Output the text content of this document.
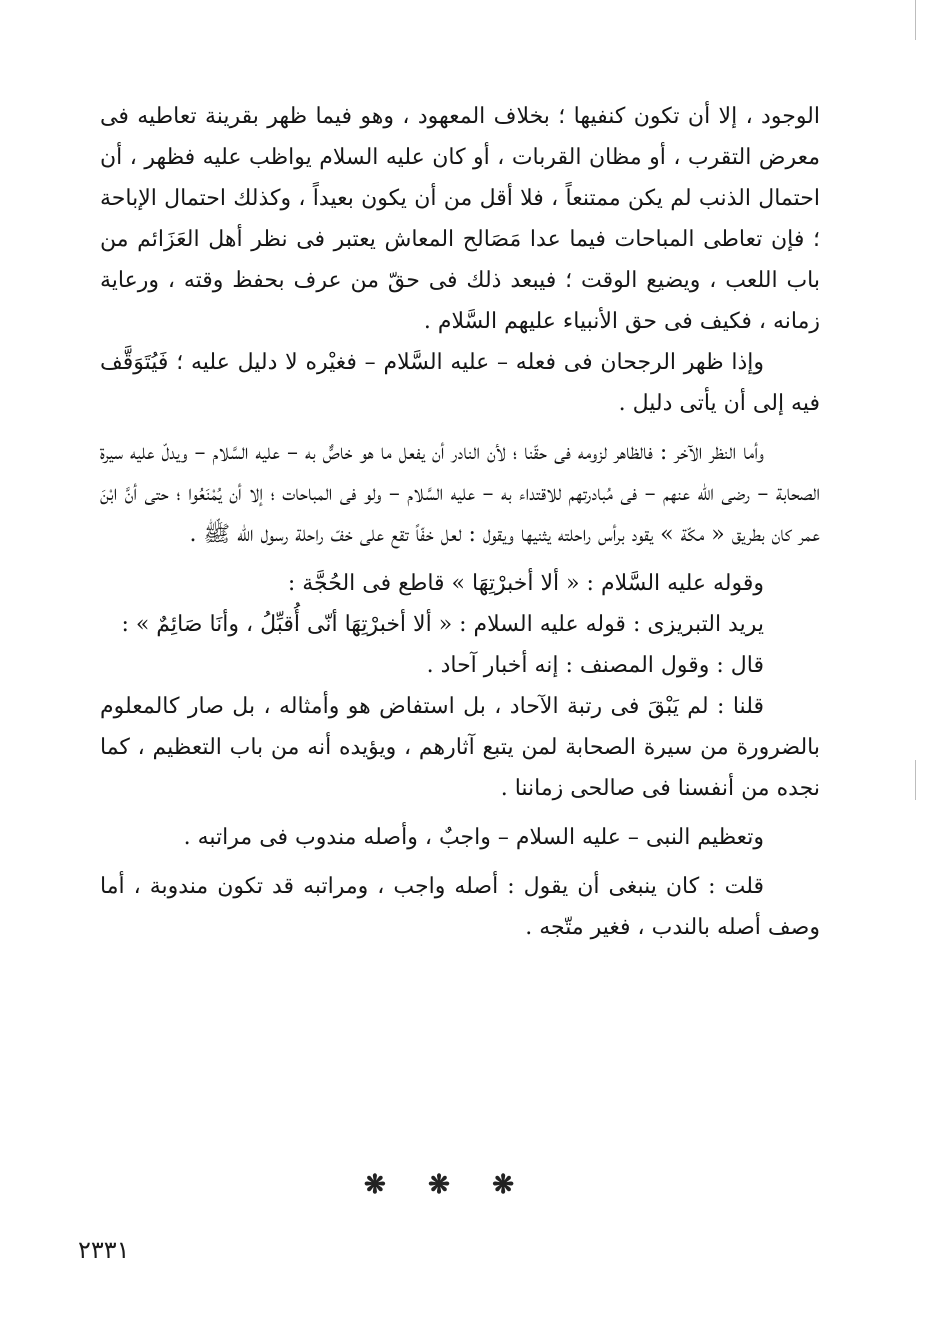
الوجود ، إلا أن تكون كنفيها ؛ بخلاف المعهود ، وهو فيما ظهر بقرينة تعاطيه فى معرض التقرب ، أو مظان القربات ، أو كان عليه السلام يواظب عليه فظهر ، أن احتمال الذنب لم يكن ممتنعاً ، فلا أقل من أن يكون بعيداً ، وكذلك احتمال الإباحة ؛ فإن تعاطى المباحات فيما عدا مَصَالح المعاش يعتبر فى نظر أهل العَزَائم من باب اللعب ، ويضيع الوقت ؛ فيبعد ذلك فى حقّ من عرف بحفظ وقته ، ورعاية زمانه ، فكيف فى حق الأنبياء عليهم السَّلام .

وإذا ظهر الرجحان فى فعله – عليه السَّلام – فغيْره لا دليل عليه ؛ فَيُتَوَقَّف فيه إلى أن يأتى دليل .

وأما النظر الآخر : فالظاهر لزومه فى حقّنا ؛ لأن النادر أن يفعل ما هو خاصٌّ به – عليه السَّلام – ويدلّ عليه سيرة الصحابة – رضى الله عنهم – فى مُبادرتهم للاقتداء به – عليه السَّلام – ولو فى المباحات ؛ إلا أن يُمْنَعُوا ؛ حتى أنَّ ابْنَ عمر كان بطريق « مكّة » يقود برأس راحلته يثنيها ويقول : لعل خفّاً تقع على خفّ راحلة رسول الله ﷺ .

وقوله عليه السَّلام : « ألا أخبرْتِهَا » قاطع فى الحُجَّة :

يريد التبريزى : قوله عليه السلام : « ألا أخبرْتِهَا أنّى أُقبِّلُ ، وأنَا صَائِمٌ » :

قال : وقول المصنف : إنه أخبار آحاد .

قلنا : لم يَبْقَ فى رتبة الآحاد ، بل استفاض هو وأمثاله ، بل صار كالمعلوم بالضرورة من سيرة الصحابة لمن يتبع آثارهم ، ويؤيده أنه من باب التعظيم ، كما نجده من أنفسنا فى صالحى زماننا .

وتعظيم النبى – عليه السلام – واجبٌ ، وأصله مندوب فى مراتبه .

قلت : كان ينبغى أن يقول : أصله واجب ، ومراتبه قد تكون مندوبة ، أما وصف أصله بالندب ، فغير متّجه .

❋ ❋ ❋
٢٣٣١
